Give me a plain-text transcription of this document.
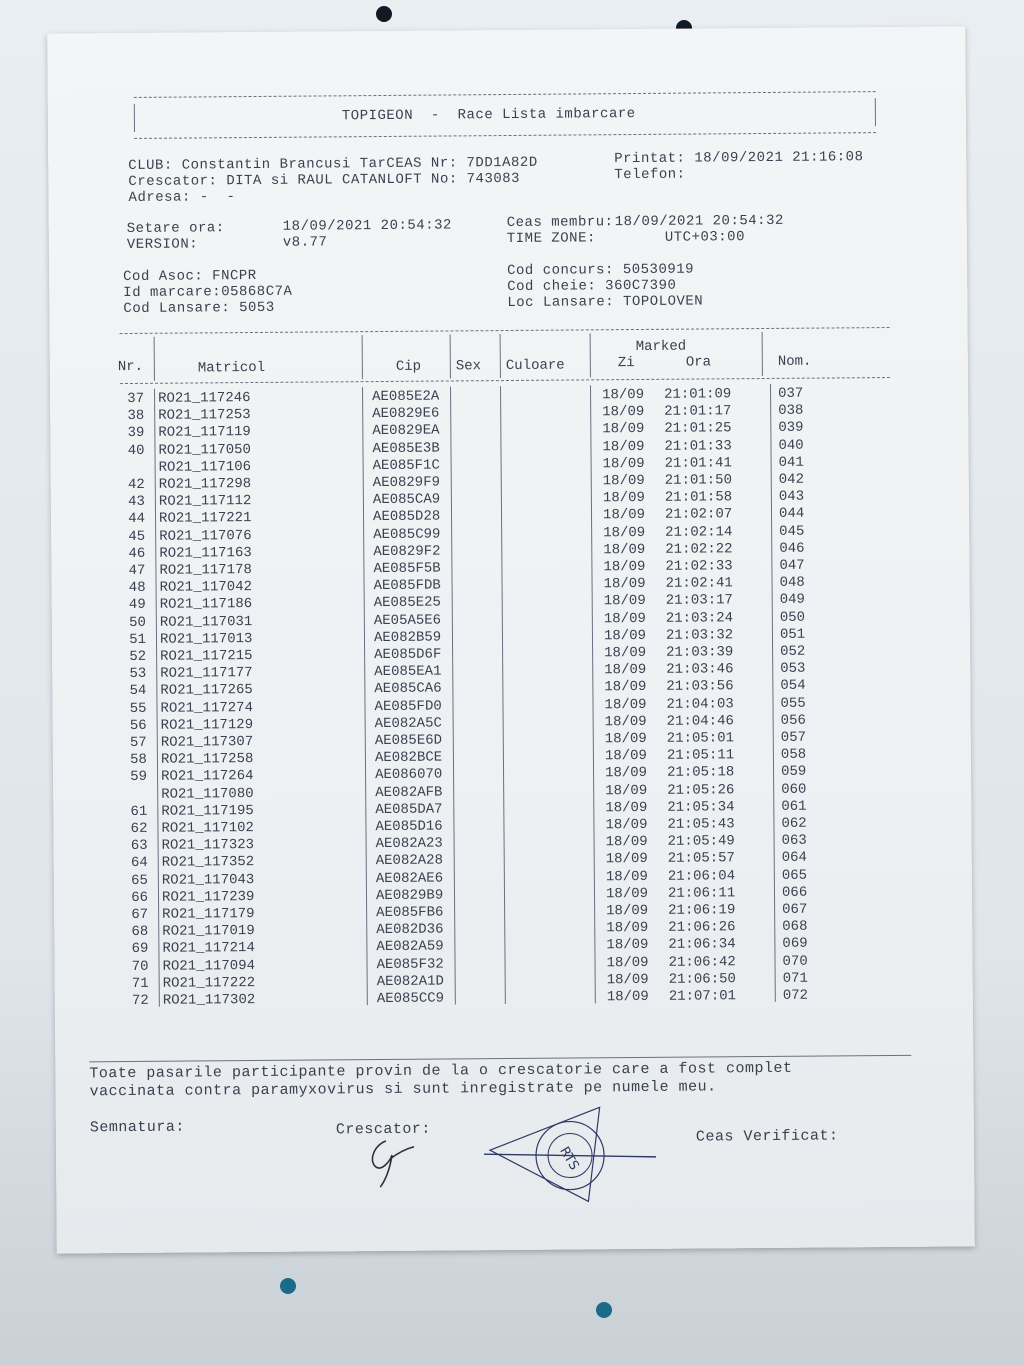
TOPIGEON  -  Race Lista imbarcare
CLUB: Constantin Brancusi TarCEAS Nr: 7DD1A82D	Printat: 18/09/2021 21:16:08
Crescator: DITA si RAUL CATANLOFT No: 743083	Telefon:
Adresa: -  -
Setare ora:	18/09/2021 20:54:32	Ceas membru: 18/09/2021 20:54:32
VERSION:	v8.77	TIME ZONE:	UTC+03:00
Cod Asoc: FNCPR
Id marcare:05868C7A
Cod Lansare: 5053
Cod concurs: 50530919
Cod cheie: 360C7390
Loc Lansare: TOPOLOVEN
Nr.	Matricol	Cip Sex Culoare
Marked
Zi	Ora	Nom.
37 RO21_117246	AE085E2A	18/09 21:01:09	037
38 RO21_117253	AE0829E6	18/09 21:01:17	038
39 RO21_117119	AE0829EA	18/09 21:01:25	039
40 RO21_117050	AE085E3B	18/09 21:01:33	040
RO21_117106	AE085F1C	18/09 21:01:41	041
42 RO21_117298	AE0829F9	18/09 21:01:50	042
43 RO21_117112	AE085CA9	18/09 21:01:58	043
44 RO21_117221	AE085D28	18/09 21:02:07	044
45 RO21_117076	AE085C99	18/09 21:02:14	045
46 RO21_117163	AE0829F2	18/09 21:02:22	046
47 RO21_117178	AE085F5B	18/09 21:02:33	047
48 RO21_117042	AE085FDB	18/09 21:02:41	048
49 RO21_117186	AE085E25	18/09 21:03:17	049
50 RO21_117031	AE05A5E6	18/09 21:03:24	050
51 RO21_117013	AE082B59	18/09 21:03:32	051
52 RO21_117215	AE085D6F	18/09 21:03:39	052
53 RO21_117177	AE085EA1	18/09 21:03:46	053
54 RO21_117265	AE085CA6	18/09 21:03:56	054
55 RO21_117274	AE085FD0	18/09 21:04:03	055
56 RO21_117129	AE082A5C	18/09 21:04:46	056
57 RO21_117307	AE085E6D	18/09 21:05:01	057
58 RO21_117258	AE082BCE	18/09 21:05:11	058
59 RO21_117264	AE086070	18/09 21:05:18	059
RO21_117080	AE082AFB	18/09 21:05:26	060
61 RO21_117195	AE085DA7	18/09 21:05:34	061
62 RO21_117102	AE085D16	18/09 21:05:43	062
63 RO21_117323	AE082A23	18/09 21:05:49	063
64 RO21_117352	AE082A28	18/09 21:05:57	064
65 RO21_117043	AE082AE6	18/09 21:06:04	065
66 RO21_117239	AE0829B9	18/09 21:06:11	066
67 RO21_117179	AE085FB6	18/09 21:06:19	067
68 RO21_117019	AE082D36	18/09 21:06:26	068
69 RO21_117214	AE082A59	18/09 21:06:34	069
70 RO21_117094	AE085F32	18/09 21:06:42	070
71 RO21_117222	AE082A1D	18/09 21:06:50	071
72 RO21_117302	AE085CC9	18/09 21:07:01	072
Toate pasarile participante provin de la o crescatorie care a fost complet
vaccinata contra paramyxovirus si sunt inregistrate pe numele meu.
Semnatura:	Crescator:	Ceas Verificat:
RTS
